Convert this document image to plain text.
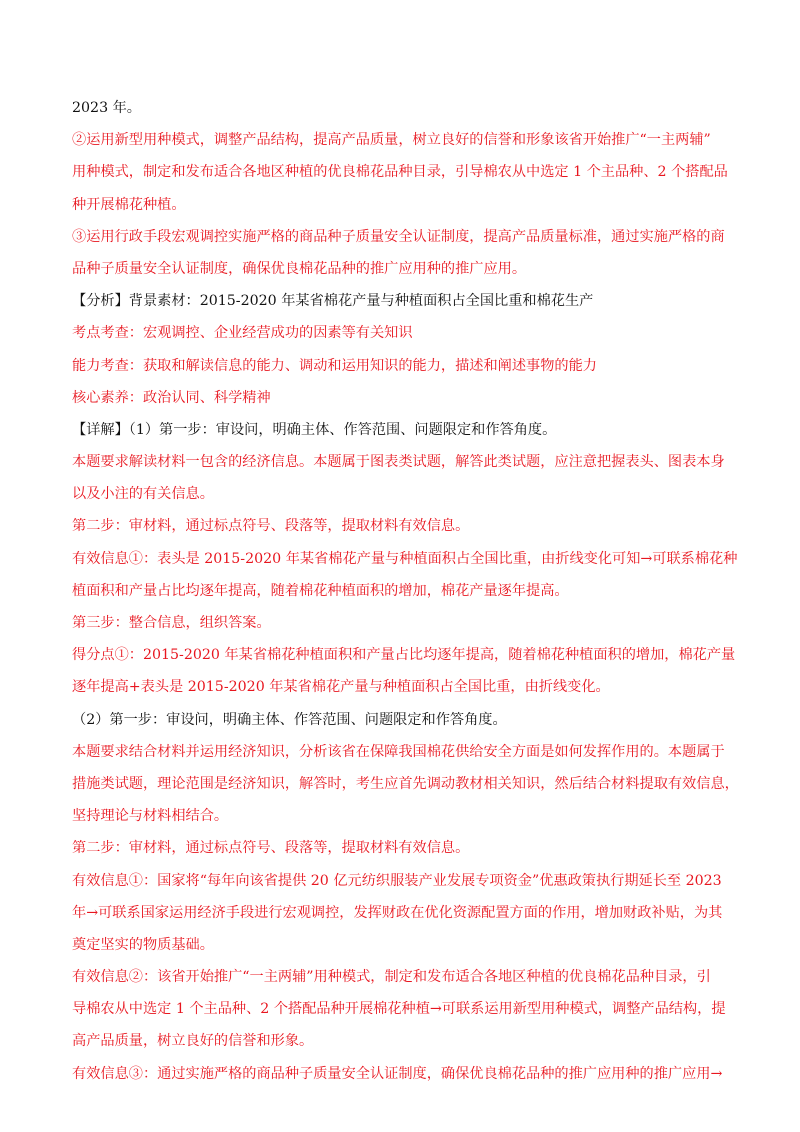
2023 年。
②运用新型用种模式，调整产品结构，提高产品质量，树立良好的信誉和形象该省开始推广“一主两辅”
用种模式，制定和发布适合各地区种植的优良棉花品种目录，引导棉农从中选定 1 个主品种、2 个搭配品
种开展棉花种植。
③运用行政手段宏观调控实施严格的商品种子质量安全认证制度，提高产品质量标准，通过实施严格的商
品种子质量安全认证制度，确保优良棉花品种的推广应用种的推广应用。
【分析】背景素材：2015-2020 年某省棉花产量与种植面积占全国比重和棉花生产
考点考查：宏观调控、企业经营成功的因素等有关知识
能力考查：获取和解读信息的能力、调动和运用知识的能力，描述和阐述事物的能力
核心素养：政治认同、科学精神
【详解】（1）第一步：审设问，明确主体、作答范围、问题限定和作答角度。
本题要求解读材料一包含的经济信息。本题属于图表类试题，解答此类试题，应注意把握表头、图表本身
以及小注的有关信息。
第二步：审材料，通过标点符号、段落等，提取材料有效信息。
有效信息①：表头是 2015-2020 年某省棉花产量与种植面积占全国比重，由折线变化可知→可联系棉花种
植面积和产量占比均逐年提高，随着棉花种植面积的增加，棉花产量逐年提高。
第三步：整合信息，组织答案。
得分点①：2015-2020 年某省棉花种植面积和产量占比均逐年提高，随着棉花种植面积的增加，棉花产量
逐年提高+表头是 2015-2020 年某省棉花产量与种植面积占全国比重，由折线变化。
（2）第一步：审设问，明确主体、作答范围、问题限定和作答角度。
本题要求结合材料并运用经济知识，分析该省在保障我国棉花供给安全方面是如何发挥作用的。本题属于
措施类试题，理论范围是经济知识，解答时，考生应首先调动教材相关知识，然后结合材料提取有效信息，
坚持理论与材料相结合。
第二步：审材料，通过标点符号、段落等，提取材料有效信息。
有效信息①：国家将“每年向该省提供 20 亿元纺织服装产业发展专项资金”优惠政策执行期延长至 2023
年→可联系国家运用经济手段进行宏观调控，发挥财政在优化资源配置方面的作用，增加财政补贴，为其
奠定坚实的物质基础。
有效信息②：该省开始推广“一主两辅”用种模式，制定和发布适合各地区种植的优良棉花品种目录，引
导棉农从中选定 1 个主品种、2 个搭配品种开展棉花种植→可联系运用新型用种模式，调整产品结构，提
高产品质量，树立良好的信誉和形象。
有效信息③：通过实施严格的商品种子质量安全认证制度，确保优良棉花品种的推广应用种的推广应用→
